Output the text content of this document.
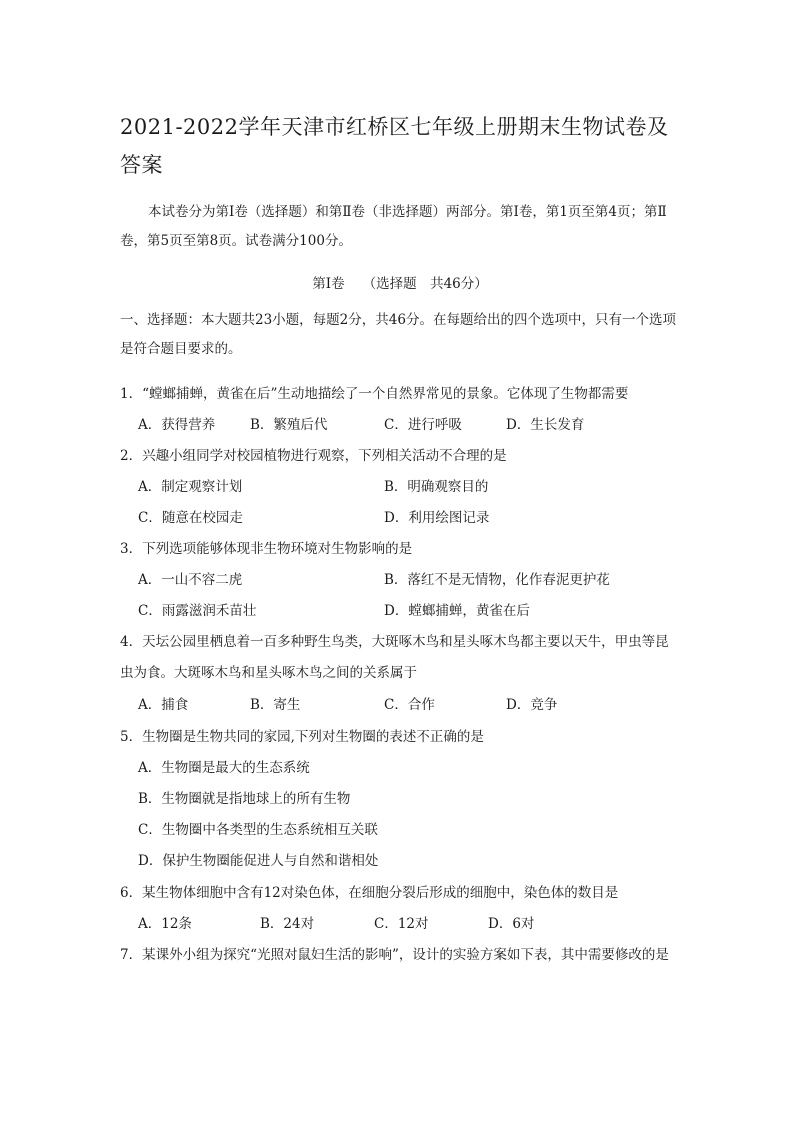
2021-2022学年天津市红桥区七年级上册期末生物试卷及答案
本试卷分为第Ⅰ卷（选择题）和第Ⅱ卷（非选择题）两部分。第Ⅰ卷，第1页至第4页；第Ⅱ卷，第5页至第8页。试卷满分100分。
第Ⅰ卷 （选择题　共46分）
一、选择题：本大题共23小题，每题2分，共46分。在每题给出的四个选项中，只有一个选项是符合题目要求的。
1．“螳螂捕蝉，黄雀在后”生动地描绘了一个自然界常见的景象。它体现了生物都需要
A．获得营养	B．繁殖后代	C．进行呼吸	D．生长发育
2．兴趣小组同学对校园植物进行观察，下列相关活动不合理的是
A．制定观察计划	B．明确观察目的
C．随意在校园走	D．利用绘图记录
3．下列选项能够体现非生物环境对生物影响的是
A．一山不容二虎	B．落红不是无情物，化作春泥更护花
C．雨露滋润禾苗壮	D．螳螂捕蝉，黄雀在后
4．天坛公园里栖息着一百多种野生鸟类，大斑啄木鸟和星头啄木鸟都主要以天牛，甲虫等昆虫为食。大斑啄木鸟和星头啄木鸟之间的关系属于
A．捕食	B．寄生	C．合作	D．竞争
5．生物圈是生物共同的家园,下列对生物圈的表述不正确的是
A．生物圈是最大的生态系统
B．生物圈就是指地球上的所有生物
C．生物圈中各类型的生态系统相互关联
D．保护生物圈能促进人与自然和谐相处
6．某生物体细胞中含有12对染色体，在细胞分裂后形成的细胞中，染色体的数目是
A．12条	B．24对	C．12对	D．6对
7．某课外小组为探究“光照对鼠妇生活的影响”，设计的实验方案如下表，其中需要修改的是
